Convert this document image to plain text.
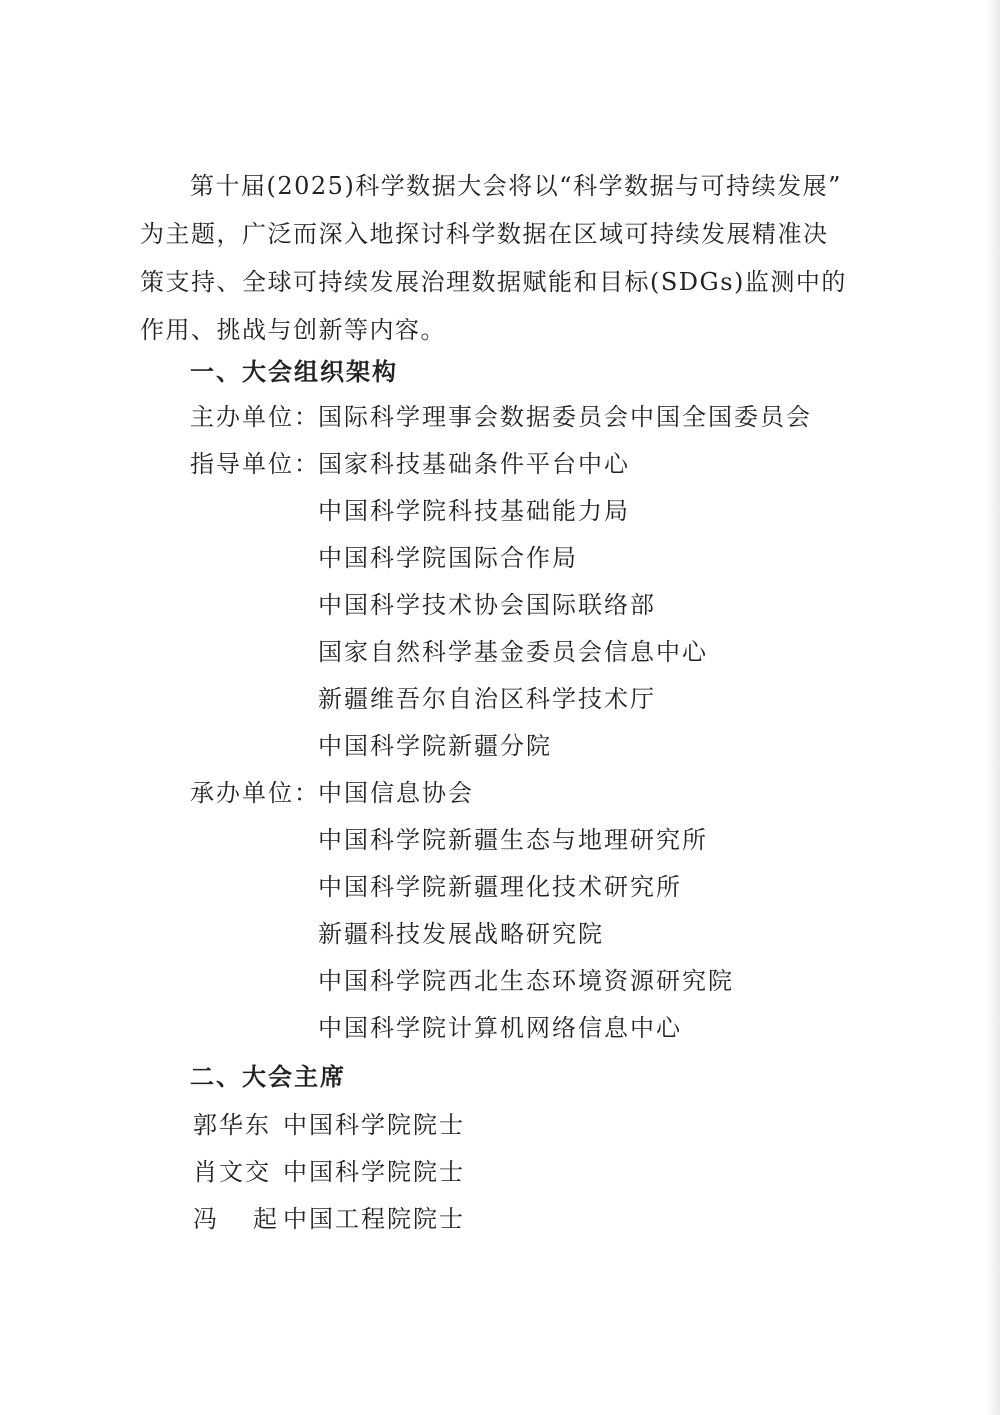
第十届(2025)科学数据大会将以“科学数据与可持续发展”
为主题，广泛而深入地探讨科学数据在区域可持续发展精准决
策支持、全球可持续发展治理数据赋能和目标(SDGs)监测中的
作用、挑战与创新等内容。

一、大会组织架构
主办单位：
国际科学理事会数据委员会中国全国委员会
指导单位：
国家科技基础条件平台中心
中国科学院科技基础能力局
中国科学院国际合作局
中国科学技术协会国际联络部
国家自然科学基金委员会信息中心
新疆维吾尔自治区科学技术厅
中国科学院新疆分院
承办单位：
中国信息协会
中国科学院新疆生态与地理研究所
中国科学院新疆理化技术研究所
新疆科技发展战略研究院
中国科学院西北生态环境资源研究院
中国科学院计算机网络信息中心
二、大会主席
郭华东 中国科学院院士
肖文交 中国科学院院士
冯起
中国工程院院士
